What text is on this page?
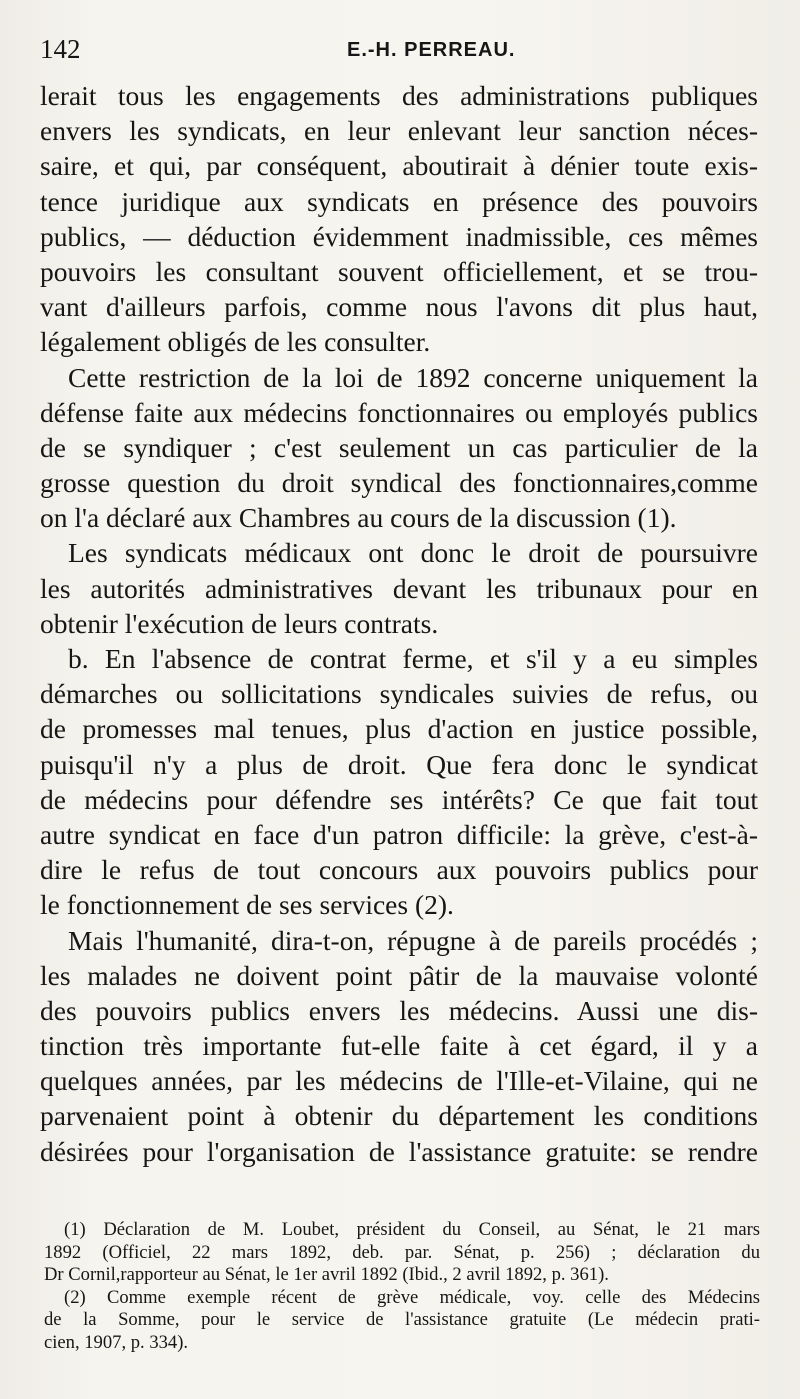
142	E.-H. PERREAU.
lerait tous les engagements des administrations publiques
envers les syndicats, en leur enlevant leur sanction néces-
saire, et qui, par conséquent, aboutirait à dénier toute exis-
tence juridique aux syndicats en présence des pouvoirs
publics, — déduction évidemment inadmissible, ces mêmes
pouvoirs les consultant souvent officiellement, et se trou-
vant d'ailleurs parfois, comme nous l'avons dit plus haut,
légalement obligés de les consulter.
Cette restriction de la loi de 1892 concerne uniquement la
défense faite aux médecins fonctionnaires ou employés publics
de se syndiquer ; c'est seulement un cas particulier de la
grosse question du droit syndical des fonctionnaires,comme
on l'a déclaré aux Chambres au cours de la discussion (1).
Les syndicats médicaux ont donc le droit de poursuivre
les autorités administratives devant les tribunaux pour en
obtenir l'exécution de leurs contrats.
b. En l'absence de contrat ferme, et s'il y a eu simples
démarches ou sollicitations syndicales suivies de refus, ou
de promesses mal tenues, plus d'action en justice possible,
puisqu'il n'y a plus de droit. Que fera donc le syndicat
de médecins pour défendre ses intérêts? Ce que fait tout
autre syndicat en face d'un patron difficile: la grève, c'est-à-
dire le refus de tout concours aux pouvoirs publics pour
le fonctionnement de ses services (2).
Mais l'humanité, dira-t-on, répugne à de pareils procédés ;
les malades ne doivent point pâtir de la mauvaise volonté
des pouvoirs publics envers les médecins. Aussi une dis-
tinction très importante fut-elle faite à cet égard, il y a
quelques années, par les médecins de l'Ille-et-Vilaine, qui ne
parvenaient point à obtenir du département les conditions
désirées pour l'organisation de l'assistance gratuite: se rendre
(1) Déclaration de M. Loubet, président du Conseil, au Sénat, le 21 mars
1892 (Officiel, 22 mars 1892, deb. par. Sénat, p. 256) ; déclaration du
Dr Cornil,rapporteur au Sénat, le 1er avril 1892 (Ibid., 2 avril 1892, p. 361).
(2) Comme exemple récent de grève médicale, voy. celle des Médecins
de la Somme, pour le service de l'assistance gratuite (Le médecin prati-
cien, 1907, p. 334).
